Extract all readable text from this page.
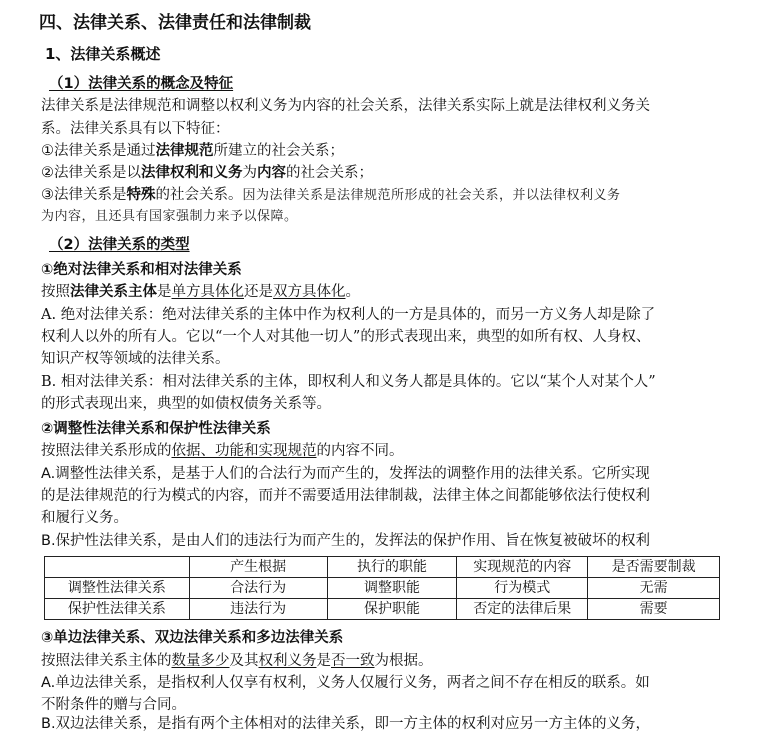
四、法律关系、法律责任和法律制裁
1、法律关系概述
（1）法律关系的概念及特征
法律关系是法律规范和调整以权利义务为内容的社会关系，法律关系实际上就是法律权利义务关
系。法律关系具有以下特征：
①法律关系是通过法律规范所建立的社会关系；
②法律关系是以法律权利和义务为内容的社会关系；
③法律关系是特殊的社会关系。因为法律关系是法律规范所形成的社会关系，并以法律权利义务
为内容，且还具有国家强制力来予以保障。
（2）法律关系的类型
①绝对法律关系和相对法律关系
按照法律关系主体是单方具体化还是双方具体化。
A. 绝对法律关系：绝对法律关系的主体中作为权利人的一方是具体的，而另一方义务人却是除了
权利人以外的所有人。它以“一个人对其他一切人”的形式表现出来，典型的如所有权、人身权、
知识产权等领域的法律关系。
B. 相对法律关系：相对法律关系的主体，即权利人和义务人都是具体的。它以“某个人对某个人”
的形式表现出来，典型的如债权债务关系等。
②调整性法律关系和保护性法律关系
按照法律关系形成的依据、功能和实现规范的内容不同。
A.调整性法律关系，是基于人们的合法行为而产生的，发挥法的调整作用的法律关系。它所实现
的是法律规范的行为模式的内容，而并不需要适用法律制裁，法律主体之间都能够依法行使权利
和履行义务。
B.保护性法律关系，是由人们的违法行为而产生的，发挥法的保护作用、旨在恢复被破坏的权利
	产生根据	执行的职能	实现规范的内容	是否需要制裁
调整性法律关系	合法行为	调整职能	行为模式	无需
保护性法律关系	违法行为	保护职能	否定的法律后果	需要
③单边法律关系、双边法律关系和多边法律关系
按照法律关系主体的数量多少及其权利义务是否一致为根据。
A.单边法律关系，是指权利人仅享有权利，义务人仅履行义务，两者之间不存在相反的联系。如
不附条件的赠与合同。
B.双边法律关系，是指有两个主体相对的法律关系，即一方主体的权利对应另一方主体的义务，
